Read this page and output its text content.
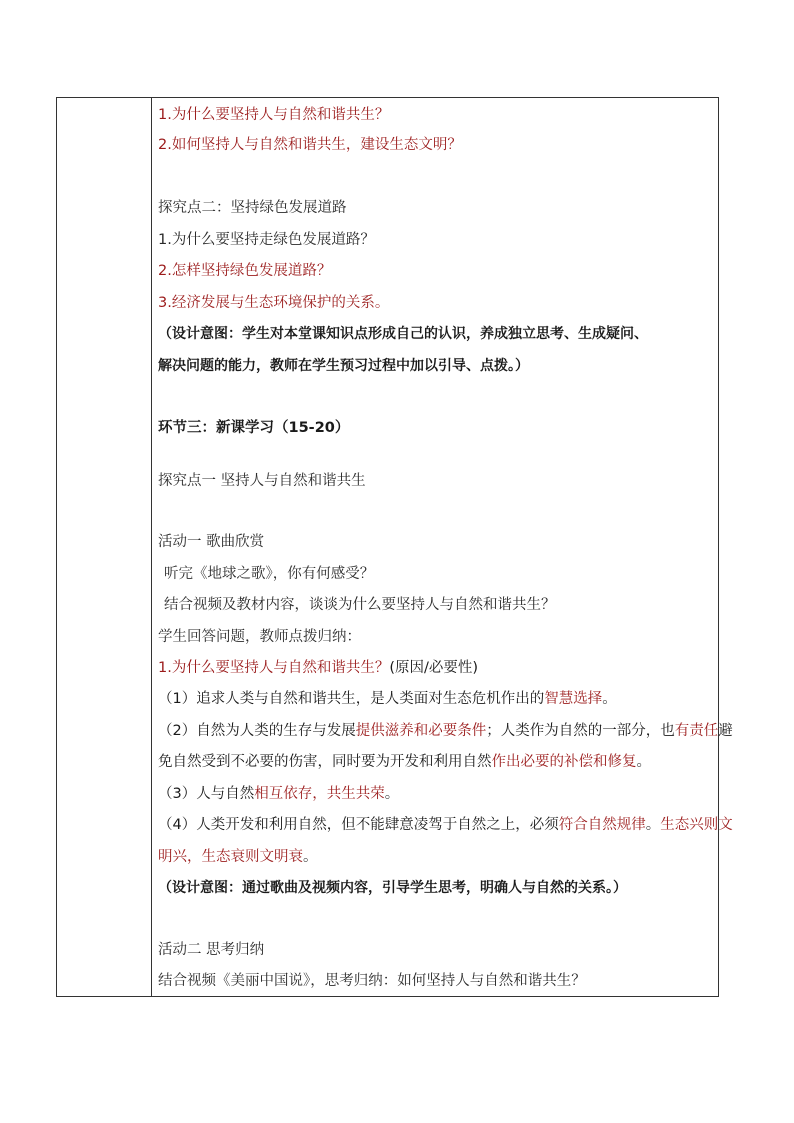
1.为什么要坚持人与自然和谐共生？
2.如何坚持人与自然和谐共生，建设生态文明？
探究点二：坚持绿色发展道路
1.为什么要坚持走绿色发展道路？
2.怎样坚持绿色发展道路？
3.经济发展与生态环境保护的关系。
（设计意图：学生对本堂课知识点形成自己的认识，养成独立思考、生成疑问、
解决问题的能力，教师在学生预习过程中加以引导、点拨。）
环节三：新课学习（15-20）
探究点一 坚持人与自然和谐共生
活动一 歌曲欣赏
听完《地球之歌》，你有何感受？
结合视频及教材内容，谈谈为什么要坚持人与自然和谐共生？
学生回答问题，教师点拨归纳：
1.为什么要坚持人与自然和谐共生？(原因/必要性)
（1）追求人类与自然和谐共生，是人类面对生态危机作出的智慧选择。
（2）自然为人类的生存与发展提供滋养和必要条件；人类作为自然的一部分，也有责任避
免自然受到不必要的伤害，同时要为开发和利用自然作出必要的补偿和修复。
（3）人与自然相互依存，共生共荣。
（4）人类开发和利用自然，但不能肆意凌驾于自然之上，必须符合自然规律。生态兴则文
明兴，生态衰则文明衰。
（设计意图：通过歌曲及视频内容，引导学生思考，明确人与自然的关系。）
活动二 思考归纳
结合视频《美丽中国说》，思考归纳：如何坚持人与自然和谐共生？
